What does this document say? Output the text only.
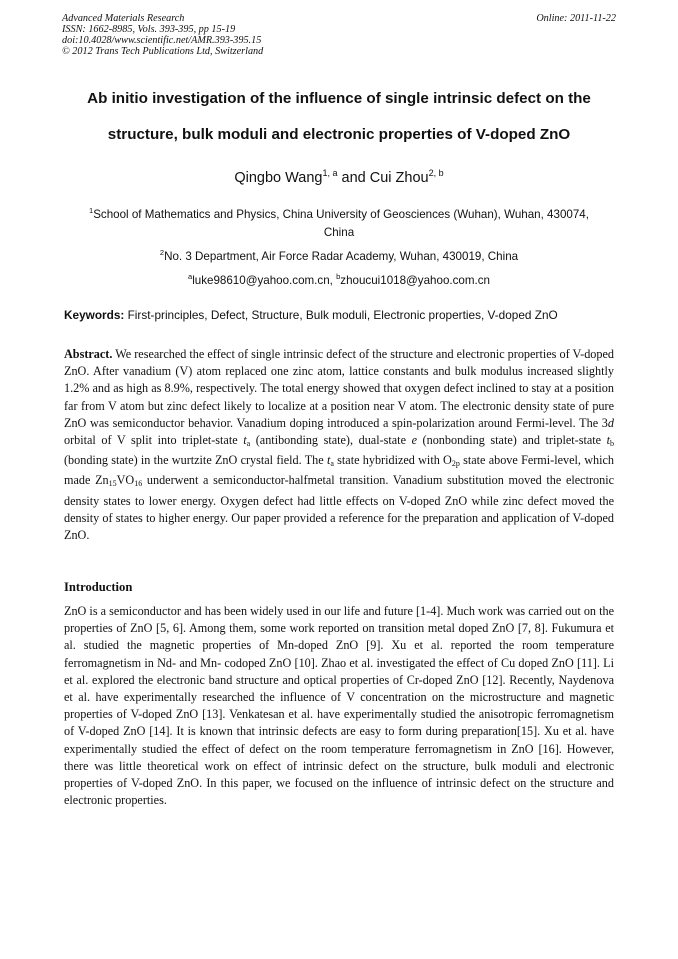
Advanced Materials Research
ISSN: 1662-8985, Vols. 393-395, pp 15-19
doi:10.4028/www.scientific.net/AMR.393-395.15
© 2012 Trans Tech Publications Ltd, Switzerland
Online: 2011-11-22
Ab initio investigation of the influence of single intrinsic defect on the
structure, bulk moduli and electronic properties of V-doped ZnO
Qingbo Wang$^{1, a}$ and Cui Zhou$^{2, b}$
$^1$School of Mathematics and Physics, China University of Geosciences (Wuhan), Wuhan, 430074,
China
$^2$No. 3 Department, Air Force Radar Academy, Wuhan, 430019, China
$^a$luke98610@yahoo.com.cn, $^b$zhoucui1018@yahoo.com.cn
Keywords: First-principles, Defect, Structure, Bulk moduli, Electronic properties, V-doped ZnO
Abstract. We researched the effect of single intrinsic defect of the structure and electronic properties of V-doped ZnO. After vanadium (V) atom replaced one zinc atom, lattice constants and bulk modulus increased slightly 1.2% and as high as 8.9%, respectively. The total energy showed that oxygen defect inclined to stay at a position far from V atom but zinc defect likely to localize at a position near V atom. The electronic density state of pure ZnO was semiconductor behavior. Vanadium doping introduced a spin-polarization around Fermi-level. The 3d orbital of V split into triplet-state $t_a$ (antibonding state), dual-state e (nonbonding state) and triplet-state $t_b$ (bonding state) in the wurtzite ZnO crystal field. The $t_a$ state hybridized with $O_{2p}$ state above Fermi-level, which made $Zn_{15}VO_{16}$ underwent a semiconductor-halfmetal transition. Vanadium substitution moved the electronic density states to lower energy. Oxygen defect had little effects on V-doped ZnO while zinc defect moved the density of states to higher energy. Our paper provided a reference for the preparation and application of V-doped ZnO.
Introduction
ZnO is a semiconductor and has been widely used in our life and future [1-4]. Much work was carried out on the properties of ZnO [5, 6]. Among them, some work reported on transition metal doped ZnO [7, 8]. Fukumura et al. studied the magnetic properties of Mn-doped ZnO [9]. Xu et al. reported the room temperature ferromagnetism in Nd- and Mn- codoped ZnO [10]. Zhao et al. investigated the effect of Cu doped ZnO [11]. Li et al. explored the electronic band structure and optical properties of Cr-doped ZnO [12]. Recently, Naydenova et al. have experimentally researched the influence of V concentration on the microstructure and magnetic properties of V-doped ZnO [13]. Venkatesan et al. have experimentally studied the anisotropic ferromagnetism of V-doped ZnO [14]. It is known that intrinsic defects are easy to form during preparation[15]. Xu et al. have experimentally studied the effect of defect on the room temperature ferromagnetism in ZnO [16]. However, there was little theoretical work on effect of intrinsic defect on the structure, bulk moduli and electronic properties of V-doped ZnO. In this paper, we focused on the influence of intrinsic defect on the structure and electronic properties.
